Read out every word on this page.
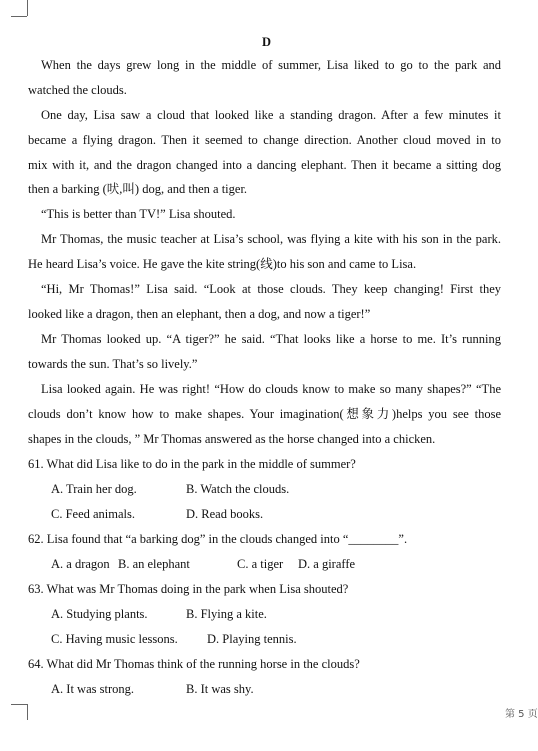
D
When the days grew long in the middle of summer, Lisa liked to go to the park and
watched the clouds.
One day, Lisa saw a cloud that looked like a standing dragon. After a few minutes it
became a flying dragon. Then it seemed to change direction. Another cloud moved in to
mix with it, and the dragon changed into a dancing elephant. Then it became a sitting dog
then a barking (吠,叫) dog, and then a tiger.
“This is better than TV!” Lisa shouted.
Mr Thomas, the music teacher at Lisa’s school, was flying a kite with his son in the park.
He heard Lisa’s voice. He gave the kite string(线)to his son and came to Lisa.
“Hi, Mr Thomas!” Lisa said. “Look at those clouds. They keep changing! First they
looked like a dragon, then an elephant, then a dog, and now a tiger!”
Mr Thomas looked up. “A tiger?” he said. “That looks like a horse to me. It’s running
towards the sun. That’s so lively.”
Lisa looked again. He was right! “How do clouds know to make so many shapes?” “The
clouds don’t know how to make shapes. Your imagination(想象力)helps you see those
shapes in the clouds, ” Mr Thomas answered as the horse changed into a chicken.
61. What did Lisa like to do in the park in the middle of summer?
A. Train her dog.	B. Watch the clouds.
C. Feed animals.	D. Read books.
62. Lisa found that “a barking dog” in the clouds changed into “________”.
A. a dragon B. an elephant	C. a tiger D. a giraffe
63. What was Mr Thomas doing in the park when Lisa shouted?
A. Studying plants.	B. Flying a kite.
C. Having music lessons. D. Playing tennis.
64. What did Mr Thomas think of the running horse in the clouds?
A. It was strong.	B. It was shy.
第 5 页
